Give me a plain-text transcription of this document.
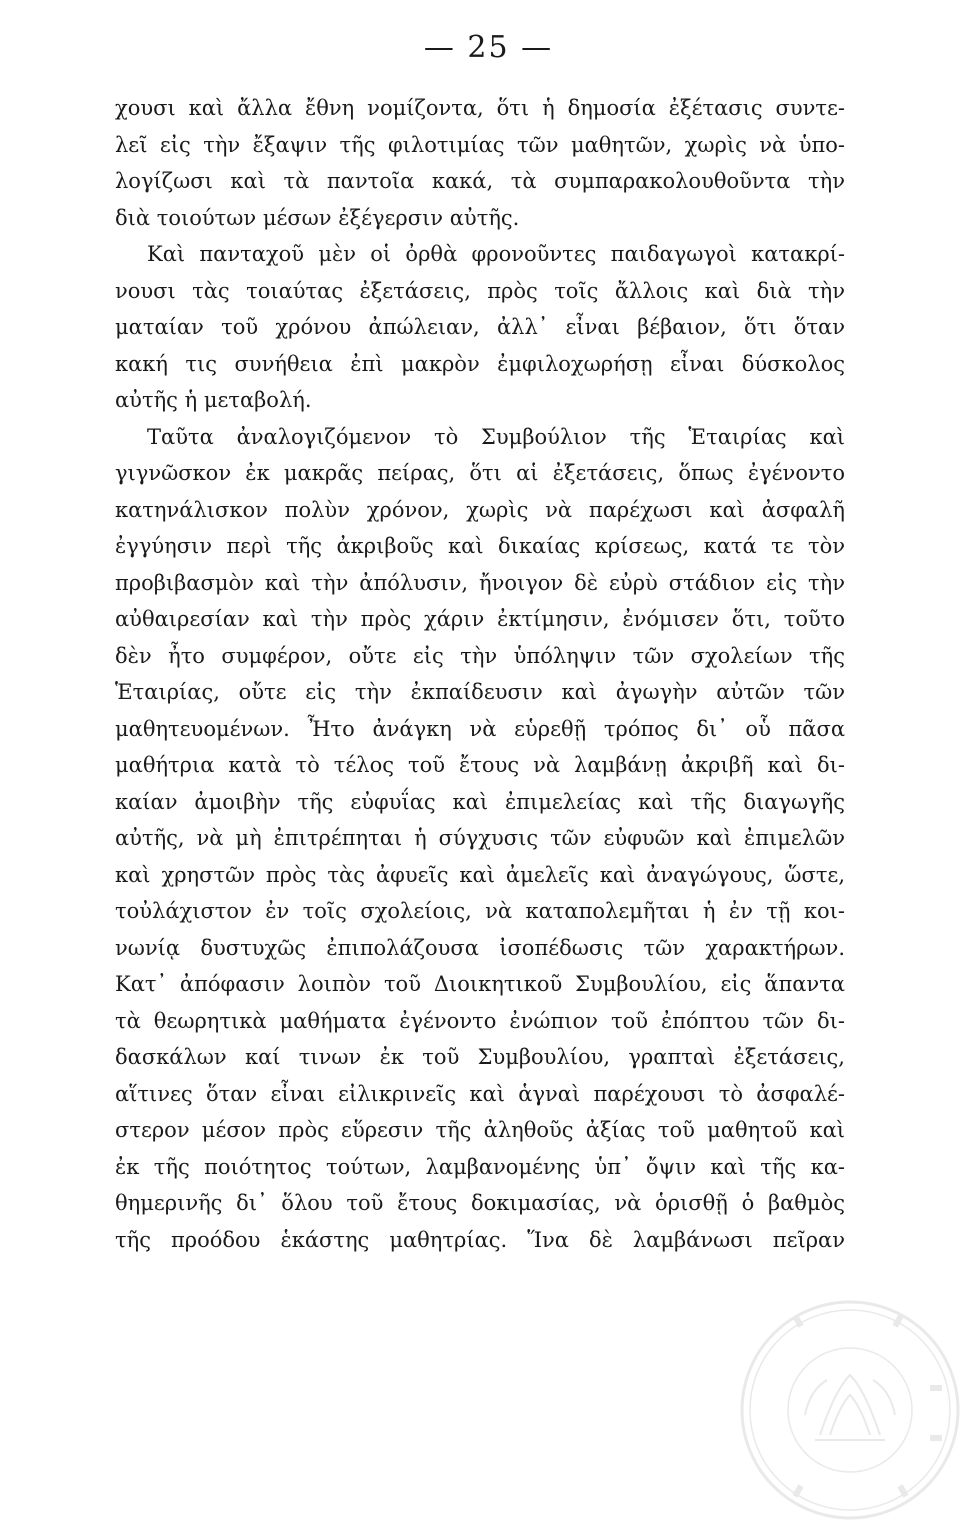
— 25 —
χουσι καὶ ἄλλα ἔθνη νομίζοντα, ὅτι ἡ δημοσία ἐξέτασις συντε-
λεῖ εἰς τὴν ἔξαψιν τῆς φιλοτιμίας τῶν μαθητῶν, χωρὶς νὰ ὑπο-
λογίζωσι καὶ τὰ παντοῖα κακά, τὰ συμπαρακολουθοῦντα τὴν
διὰ τοιούτων μέσων ἐξέγερσιν αὐτῆς.
Καὶ πανταχοῦ μὲν οἱ ὀρθὰ φρονοῦντες παιδαγωγοὶ κατακρί-
νουσι τὰς τοιαύτας ἐξετάσεις, πρὸς τοῖς ἄλλοις καὶ διὰ τὴν
ματαίαν τοῦ χρόνου ἀπώλειαν, ἀλλ᾽ εἶναι βέβαιον, ὅτι ὅταν
κακή τις συνήθεια ἐπὶ μακρὸν ἐμφιλοχωρήσῃ εἶναι δύσκολος
αὐτῆς ἡ μεταβολή.
Ταῦτα ἀναλογιζόμενον τὸ Συμβούλιον τῆς Ἑταιρίας καὶ
γιγνῶσκον ἐκ μακρᾶς πείρας, ὅτι αἱ ἐξετάσεις, ὅπως ἐγένοντο
κατηνάλισκον πολὺν χρόνον, χωρὶς νὰ παρέχωσι καὶ ἀσφαλῆ
ἐγγύησιν περὶ τῆς ἀκριβοῦς καὶ δικαίας κρίσεως, κατά τε τὸν
προβιβασμὸν καὶ τὴν ἀπόλυσιν, ἤνοιγον δὲ εὐρὺ στάδιον εἰς τὴν
αὐθαιρεσίαν καὶ τὴν πρὸς χάριν ἐκτίμησιν, ἐνόμισεν ὅτι, τοῦτο
δὲν ἦτο συμφέρον, οὔτε εἰς τὴν ὑπόληψιν τῶν σχολείων τῆς
Ἑταιρίας, οὔτε εἰς τὴν ἐκπαίδευσιν καὶ ἀγωγὴν αὐτῶν τῶν
μαθητευομένων. Ἦτο ἀνάγκη νὰ εὑρεθῇ τρόπος δι᾽ οὗ πᾶσα
μαθήτρια κατὰ τὸ τέλος τοῦ ἔτους νὰ λαμβάνῃ ἀκριβῆ καὶ δι-
καίαν ἀμοιβὴν τῆς εὐφυΐας καὶ ἐπιμελείας καὶ τῆς διαγωγῆς
αὐτῆς, νὰ μὴ ἐπιτρέπηται ἡ σύγχυσις τῶν εὐφυῶν καὶ ἐπιμελῶν
καὶ χρηστῶν πρὸς τὰς ἀφυεῖς καὶ ἀμελεῖς καὶ ἀναγώγους, ὥστε,
τοὐλάχιστον ἐν τοῖς σχολείοις, νὰ καταπολεμῆται ἡ ἐν τῇ κοι-
νωνίᾳ δυστυχῶς ἐπιπολάζουσα ἰσοπέδωσις τῶν χαρακτήρων.
Κατ᾽ ἀπόφασιν λοιπὸν τοῦ Διοικητικοῦ Συμβουλίου, εἰς ἅπαντα
τὰ θεωρητικὰ μαθήματα ἐγένοντο ἐνώπιον τοῦ ἐπόπτου τῶν δι-
δασκάλων καί τινων ἐκ τοῦ Συμβουλίου, γραπταὶ ἐξετάσεις,
αἵτινες ὅταν εἶναι εἰλικρινεῖς καὶ ἁγναὶ παρέχουσι τὸ ἀσφαλέ-
στερον μέσον πρὸς εὕρεσιν τῆς ἀληθοῦς ἀξίας τοῦ μαθητοῦ καὶ
ἐκ τῆς ποιότητος τούτων, λαμβανομένης ὑπ᾽ ὄψιν καὶ τῆς κα-
θημερινῆς δι᾽ ὅλου τοῦ ἔτους δοκιμασίας, νὰ ὁρισθῇ ὁ βαθμὸς
τῆς προόδου ἑκάστης μαθητρίας. Ἵνα δὲ λαμβάνωσι πεῖραν
